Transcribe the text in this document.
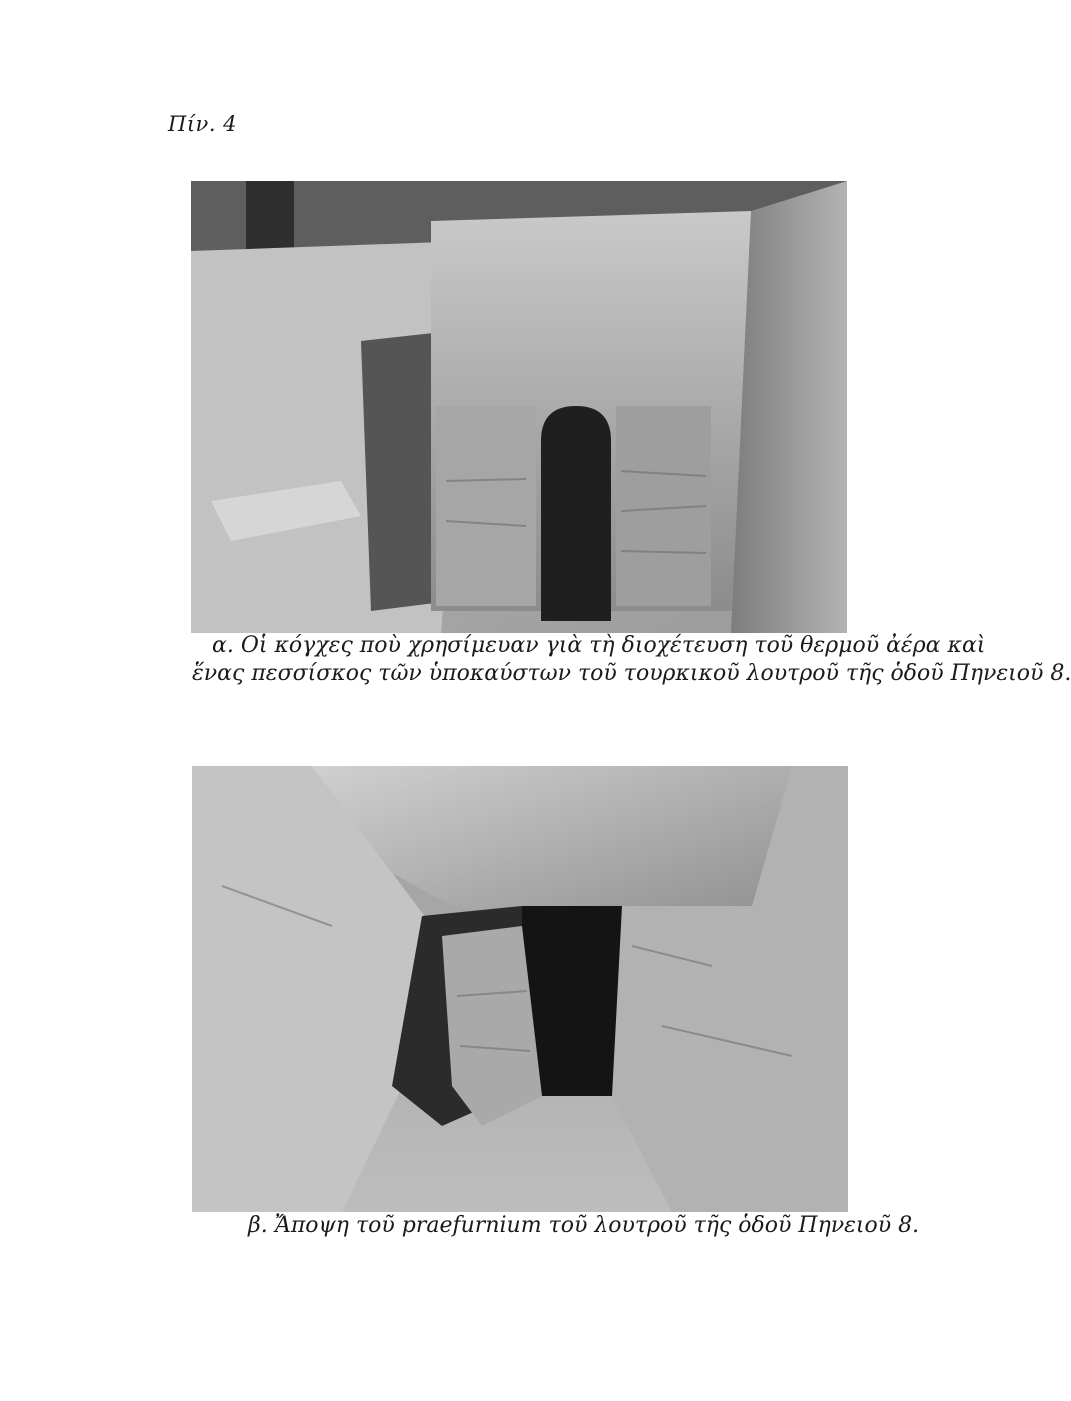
Πίν. 4
α. Οἱ κόγχες ποὺ χρησίμευαν γιὰ τὴ διοχέτευση τοῦ θερμοῦ ἀέρα καὶ
ἕνας πεσσίσκος τῶν ὑποκαύστων τοῦ τουρκικοῦ λουτροῦ τῆς ὁδοῦ Πηνειοῦ 8.
β. Ἄποψη τοῦ praefurnium τοῦ λουτροῦ τῆς ὁδοῦ Πηνειοῦ 8.
